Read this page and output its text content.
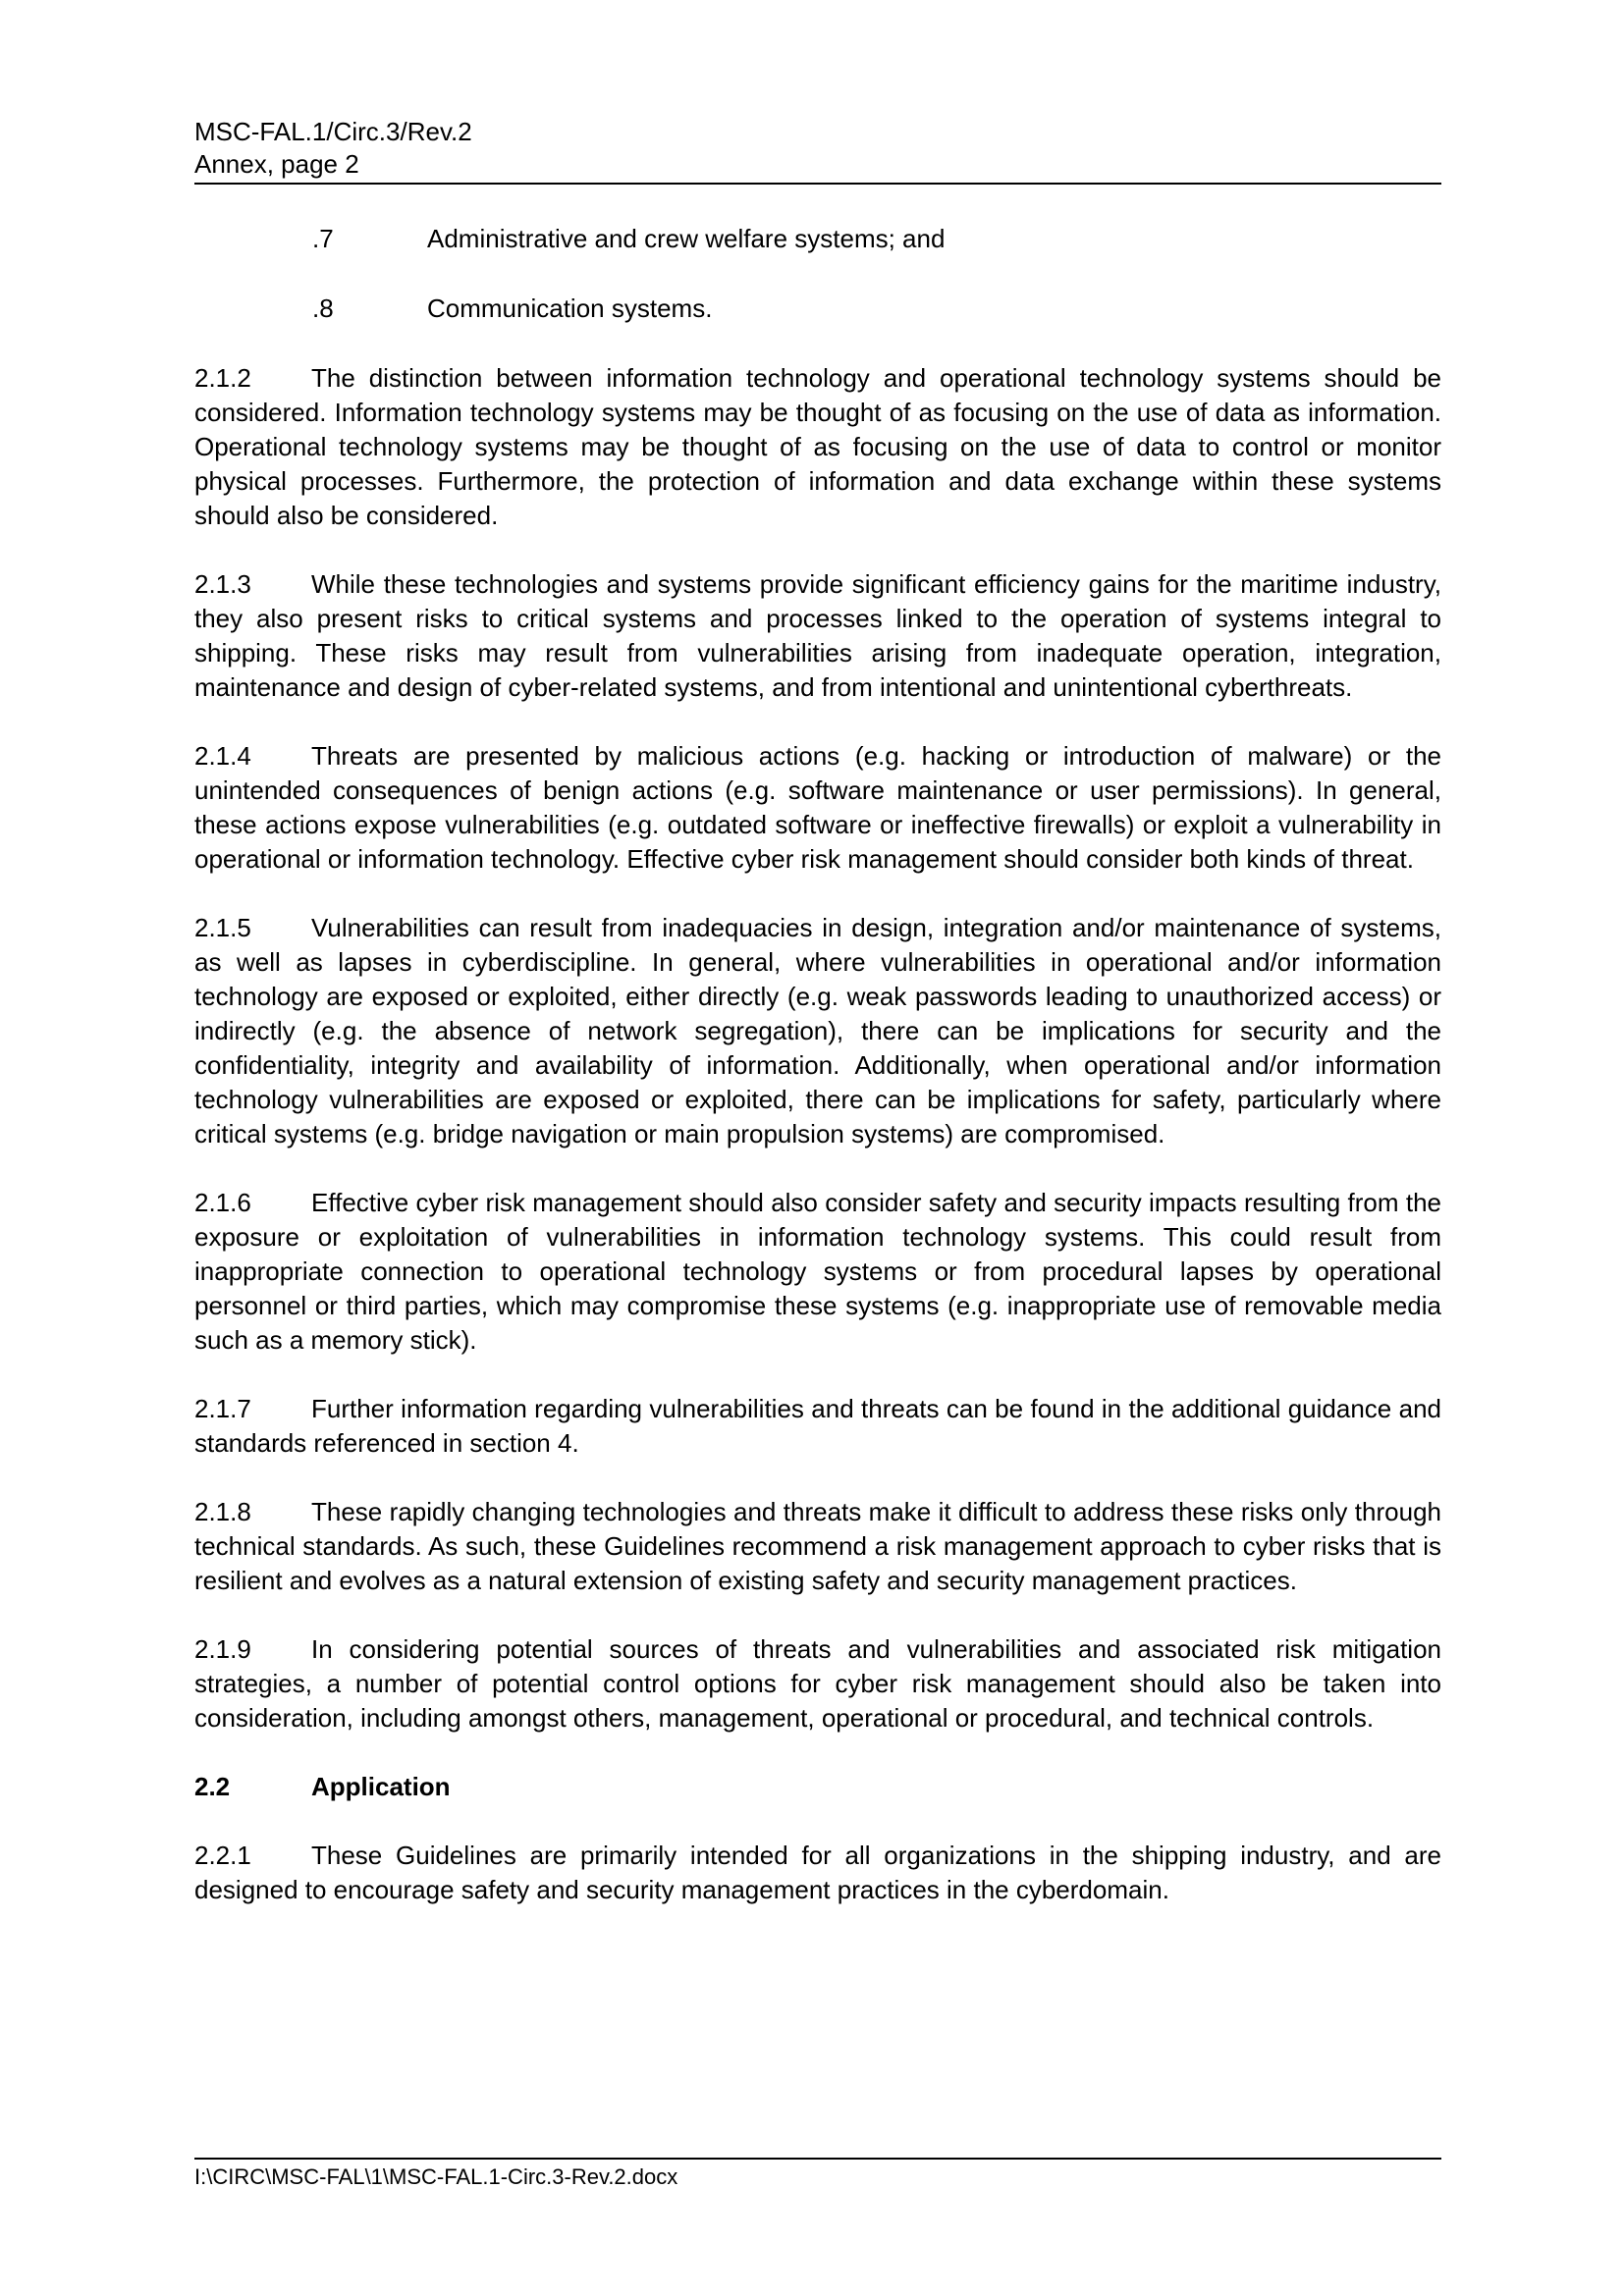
MSC-FAL.1/Circ.3/Rev.2
Annex, page 2
.7	Administrative and crew welfare systems; and
.8	Communication systems.

2.1.2 The distinction between information technology and operational technology systems should be considered. Information technology systems may be thought of as focusing on the use of data as information. Operational technology systems may be thought of as focusing on the use of data to control or monitor physical processes. Furthermore, the protection of information and data exchange within these systems should also be considered.

2.1.3 While these technologies and systems provide significant efficiency gains for the maritime industry, they also present risks to critical systems and processes linked to the operation of systems integral to shipping. These risks may result from vulnerabilities arising from inadequate operation, integration, maintenance and design of cyber-related systems, and from intentional and unintentional cyberthreats.

2.1.4 Threats are presented by malicious actions (e.g. hacking or introduction of malware) or the unintended consequences of benign actions (e.g. software maintenance or user permissions). In general, these actions expose vulnerabilities (e.g. outdated software or ineffective firewalls) or exploit a vulnerability in operational or information technology. Effective cyber risk management should consider both kinds of threat.

2.1.5 Vulnerabilities can result from inadequacies in design, integration and/or maintenance of systems, as well as lapses in cyberdiscipline. In general, where vulnerabilities in operational and/or information technology are exposed or exploited, either directly (e.g. weak passwords leading to unauthorized access) or indirectly (e.g. the absence of network segregation), there can be implications for security and the confidentiality, integrity and availability of information. Additionally, when operational and/or information technology vulnerabilities are exposed or exploited, there can be implications for safety, particularly where critical systems (e.g. bridge navigation or main propulsion systems) are compromised.

2.1.6 Effective cyber risk management should also consider safety and security impacts resulting from the exposure or exploitation of vulnerabilities in information technology systems. This could result from inappropriate connection to operational technology systems or from procedural lapses by operational personnel or third parties, which may compromise these systems (e.g. inappropriate use of removable media such as a memory stick).

2.1.7 Further information regarding vulnerabilities and threats can be found in the additional guidance and standards referenced in section 4.

2.1.8 These rapidly changing technologies and threats make it difficult to address these risks only through technical standards. As such, these Guidelines recommend a risk management approach to cyber risks that is resilient and evolves as a natural extension of existing safety and security management practices.

2.1.9 In considering potential sources of threats and vulnerabilities and associated risk mitigation strategies, a number of potential control options for cyber risk management should also be taken into consideration, including amongst others, management, operational or procedural, and technical controls.

2.2	Application

2.2.1 These Guidelines are primarily intended for all organizations in the shipping industry, and are designed to encourage safety and security management practices in the cyberdomain.

I:\CIRC\MSC-FAL\1\MSC-FAL.1-Circ.3-Rev.2.docx
